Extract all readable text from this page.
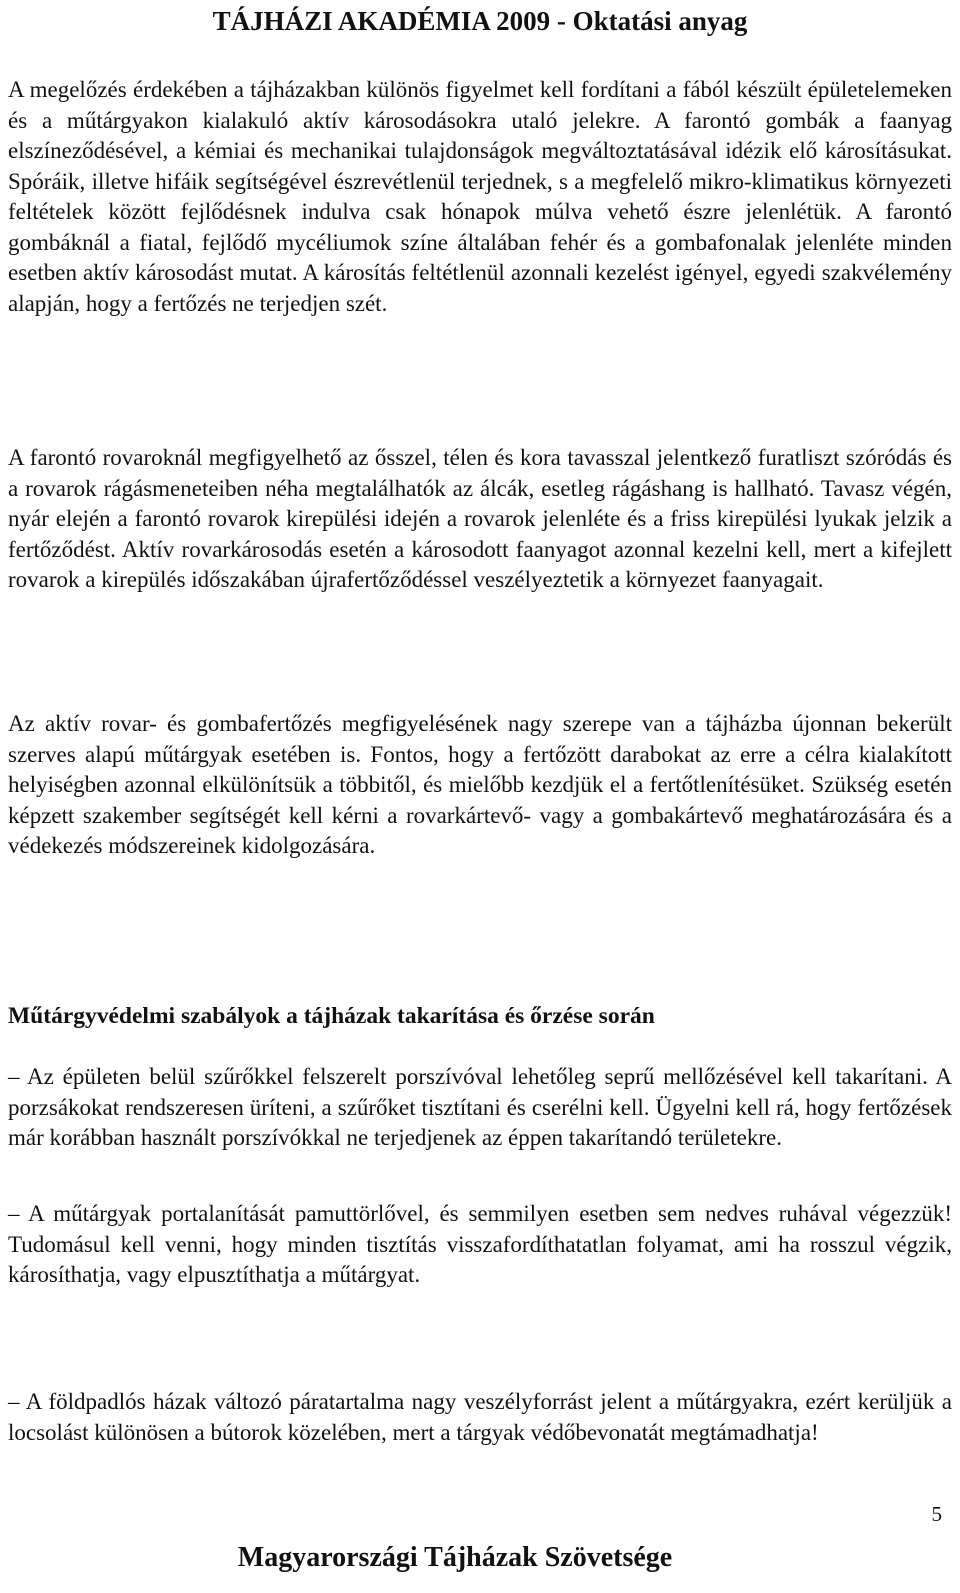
TÁJHÁZI AKADÉMIA 2009 - Oktatási anyag

A megelőzés érdekében a tájházakban különös figyelmet kell fordítani a fából készült épületelemeken és a műtárgyakon kialakuló aktív károsodásokra utaló jelekre. A farontó gombák a faanyag elszíneződésével, a kémiai és mechanikai tulajdonságok megváltoztatásával idézik elő károsításukat. Spóráik, illetve hifáik segítségével észrevétlenül terjednek, s a megfelelő mikro-klimatikus környezeti feltételek között fejlődésnek indulva csak hónapok múlva vehető észre jelenlétük. A farontó gombáknál a fiatal, fejlődő mycéliumok színe általában fehér és a gombafonalak jelenléte minden esetben aktív károsodást mutat. A károsítás feltétlenül azonnali kezelést igényel, egyedi szakvélemény alapján, hogy a fertőzés ne terjedjen szét.

A farontó rovaroknál megfigyelhető az ősszel, télen és kora tavasszal jelentkező furatliszt szóródás és a rovarok rágásmeneteiben néha megtalálhatók az álcák, esetleg rágáshang is hallható. Tavasz végén, nyár elején a farontó rovarok kirepülési idején a rovarok jelenléte és a friss kirepülési lyukak jelzik a fertőződést. Aktív rovarkárosodás esetén a károsodott faanyagot azonnal kezelni kell, mert a kifejlett rovarok a kirepülés időszakában újrafertőződéssel veszélyeztetik a környezet faanyagait.

Az aktív rovar- és gombafertőzés megfigyelésének nagy szerepe van a tájházba újonnan bekerült szerves alapú műtárgyak esetében is. Fontos, hogy a fertőzött darabokat az erre a célra kialakított helyiségben azonnal elkülönítsük a többitől, és mielőbb kezdjük el a fertőtlenítésüket. Szükség esetén képzett szakember segítségét kell kérni a rovarkártevő- vagy a gombakártevő meghatározására és a védekezés módszereinek kidolgozására.

Műtárgyvédelmi szabályok a tájházak takarítása és őrzése során

– Az épületen belül szűrőkkel felszerelt porszívóval lehetőleg seprű mellőzésével kell takarítani. A porzsákokat rendszeresen üríteni, a szűrőket tisztítani és cserélni kell. Ügyelni kell rá, hogy fertőzések már korábban használt porszívókkal ne terjedjenek az éppen takarítandó területekre.

– A műtárgyak portalanítását pamuttörlővel, és semmilyen esetben sem nedves ruhával végezzük! Tudomásul kell venni, hogy minden tisztítás visszafordíthatatlan folyamat, ami ha rosszul végzik, károsíthatja, vagy elpusztíthatja a műtárgyat.

– A földpadlós házak változó páratartalma nagy veszélyforrást jelent a műtárgyakra, ezért kerüljük a locsolást különösen a bútorok közelében, mert a tárgyak védőbevonatát megtámadhatja!

5
Magyarországi Tájházak Szövetsége
